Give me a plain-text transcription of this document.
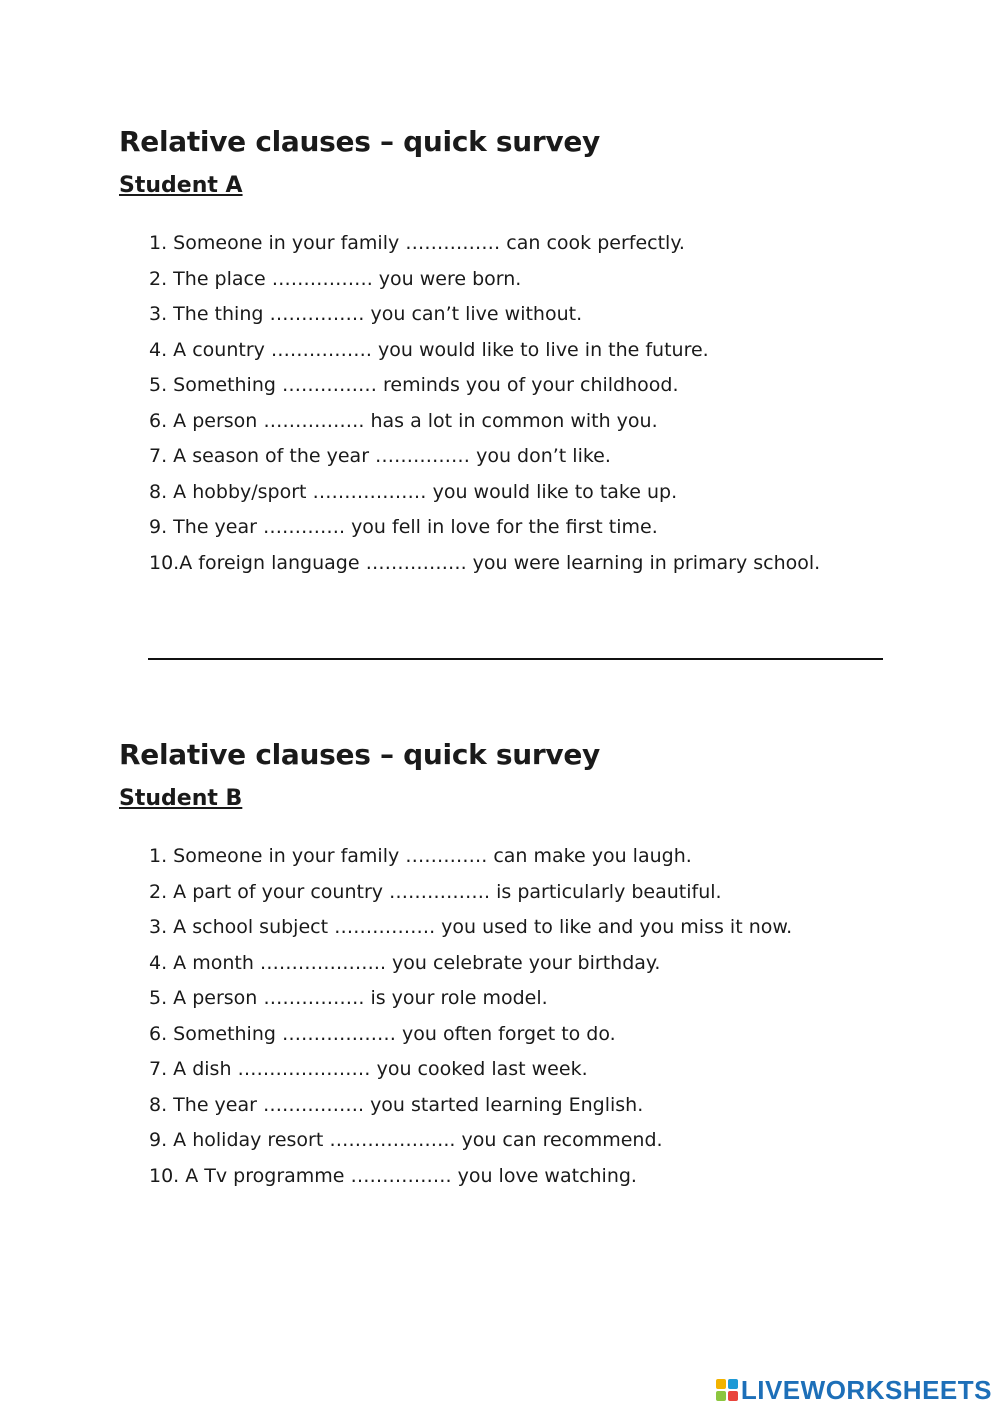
Relative clauses – quick survey
Student A
1. Someone in your family …………… can cook perfectly.
2. The place ……………. you were born.
3. The thing …………… you can’t live without.
4. A country ……………. you would like to live in the future.
5. Something …………… reminds you of your childhood.
6. A person ……………. has a lot in common with you.
7. A season of the year …………… you don’t like.
8. A hobby/sport ……………… you would like to take up.
9. The year …………. you fell in love for the first time.
10.A foreign language ……………. you were learning in primary school.
Relative clauses – quick survey
Student B
1. Someone in your family …………. can make you laugh.
2. A part of your country ……………. is particularly beautiful.
3. A school subject ……………. you used to like and you miss it now.
4. A month ……………….. you celebrate your birthday.
5. A person ……………. is your role model.
6. Something ……………… you often forget to do.
7. A dish ………………… you cooked last week.
8. The year ……………. you started learning English.
9. A holiday resort ……………….. you can recommend.
10. A Tv programme ……………. you love watching.
LIVEWORKSHEETS
